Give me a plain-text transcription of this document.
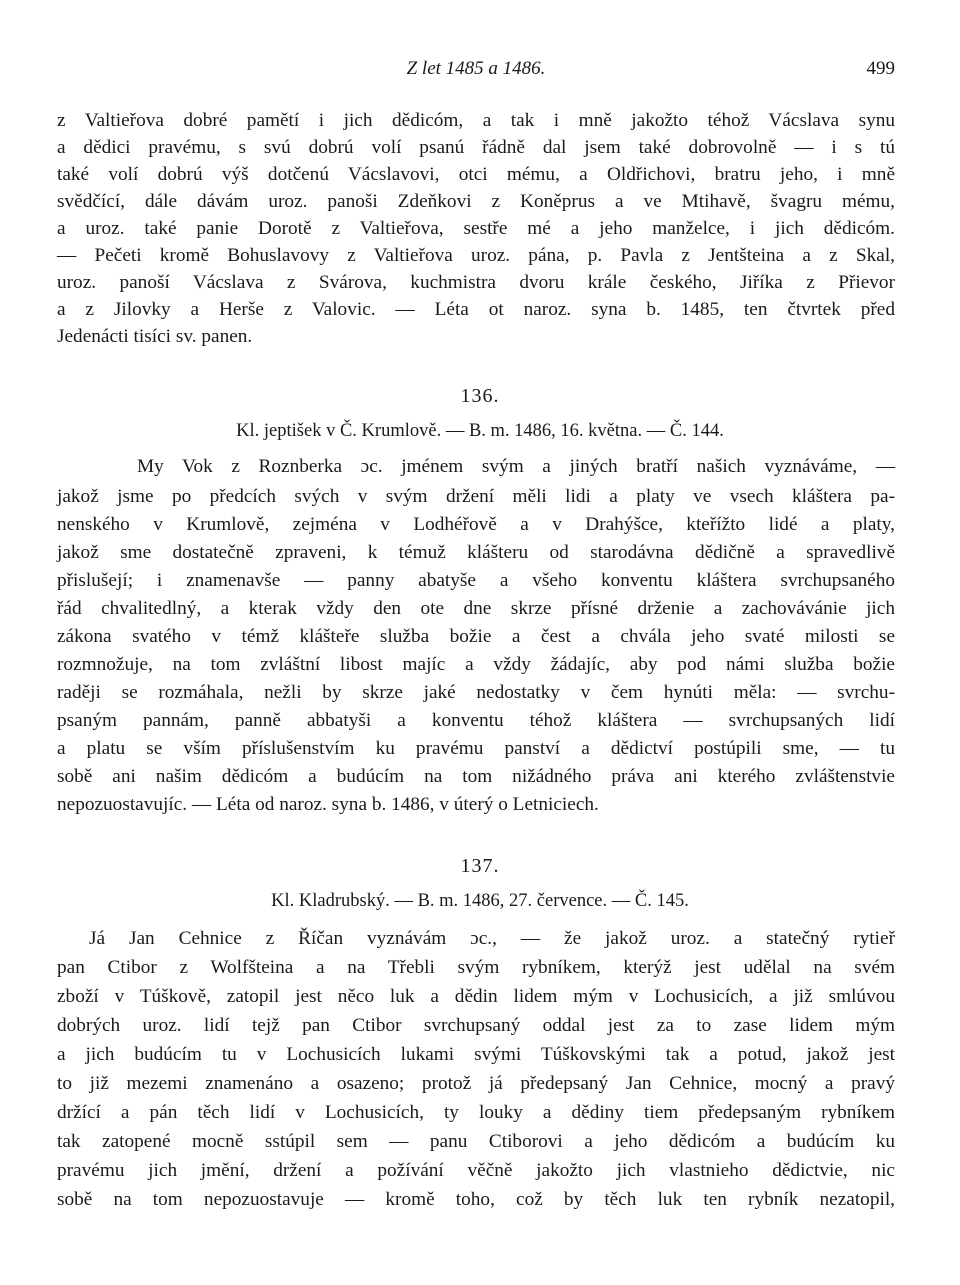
Z let 1485 a 1486.	499
z Valtieřova dobré pamětí i jich dědicóm, a tak i mně jakožto téhož Vácslava synu
a dědici pravému, s svú dobrú volí psanú řádně dal jsem také dobrovolně — i s tú
také volí dobrú výš dotčenú Vácslavovi, otci mému, a Oldřichovi, bratru jeho, i mně
svědčící, dále dávám uroz. panoši Zdeňkovi z Koněprus a ve Mtihavě, švagru mému,
a uroz. také panie Dorotě z Valtieřova, sestře mé a jeho manželce, i jich dědicóm.
— Pečeti kromě Bohuslavovy z Valtieřova uroz. pána, p. Pavla z Jentšteina a z Skal,
uroz. panoší Vácslava z Svárova, kuchmistra dvoru krále českého, Jiříka z Přievor
a z Jilovky a Herše z Valovic. — Léta ot naroz. syna b. 1485, ten čtvrtek před
Jedenácti tisíci sv. panen.
136.
Kl. jeptišek v Č. Krumlově. — B. m. 1486, 16. května. — Č. 144.
My Vok z Roznberka ɔc. jménem svým a jiných bratří našich vyznáváme, —
jakož jsme po předcích svých v svým držení měli lidi a platy ve vsech kláštera pa-
nenského v Krumlově, zejména v Lodhéřově a v Drahýšce, kteřížto lidé a platy,
jakož sme dostatečně zpraveni, k témuž klášteru od starodávna dědičně a spravedlivě
přislušejí; i znamenavše — panny abatyše a všeho konventu kláštera svrchupsaného
řád chvalitedlný, a kterak vždy den ote dne skrze přísné drženie a zachovávánie jich
zákona svatého v témž klášteře služba božie a čest a chvála jeho svaté milosti se
rozmnožuje, na tom zvláštní libost majíc a vždy žádajíc, aby pod námi služba božie
raději se rozmáhala, nežli by skrze jaké nedostatky v čem hynúti měla: — svrchu-
psaným pannám, panně abbatyši a konventu téhož kláštera — svrchupsaných lidí
a platu se vším příslušenstvím ku pravému panství a dědictví postúpili sme, — tu
sobě ani našim dědicóm a budúcím na tom nižádného práva ani kterého zvláštenstvie
nepozuostavujíc. — Léta od naroz. syna b. 1486, v úterý o Letniciech.
137.
Kl. Kladrubský. — B. m. 1486, 27. července. — Č. 145.
Já Jan Cehnice z Říčan vyznávám ɔc., — že jakož uroz. a statečný rytieř
pan Ctibor z Wolfšteina a na Třebli svým rybníkem, kterýž jest udělal na svém
zboží v Túškově, zatopil jest něco luk a dědin lidem mým v Lochusicích, a již smlúvou
dobrých uroz. lidí tejž pan Ctibor svrchupsaný oddal jest za to zase lidem mým
a jich budúcím tu v Lochusicích lukami svými Túškovskými tak a potud, jakož jest
to již mezemi znamenáno a osazeno; protož já předepsaný Jan Cehnice, mocný a pravý
držící a pán těch lidí v Lochusicích, ty louky a dědiny tiem předepsaným rybníkem
tak zatopené mocně sstúpil sem — panu Ctiborovi a jeho dědicóm a budúcím ku
pravému jich jmění, držení a požívání věčně jakožto jich vlastnieho dědictvie, nic
sobě na tom nepozuostavuje — kromě toho, což by těch luk ten rybník nezatopil,
